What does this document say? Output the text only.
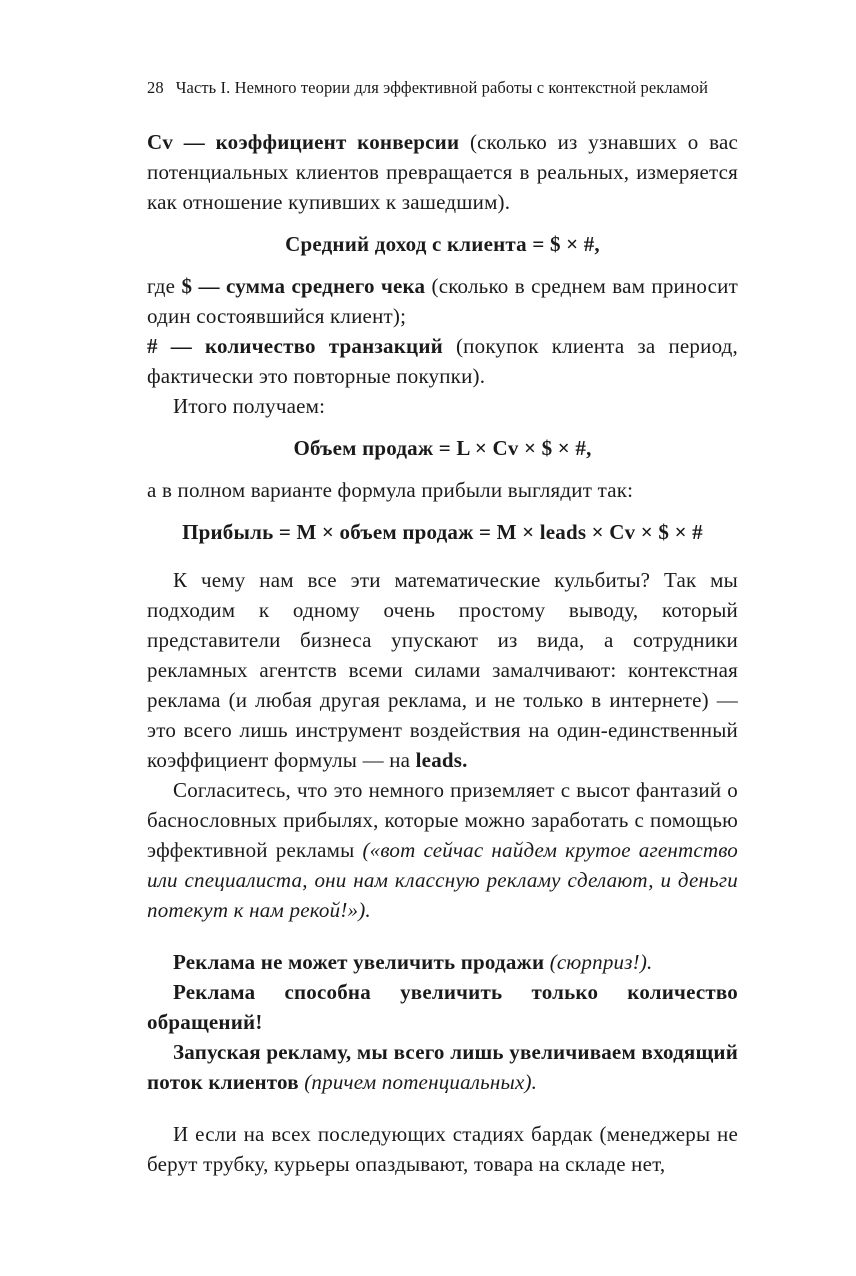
28 Часть I. Немного теории для эффективной работы с контекстной рекламой

Cv — коэффициент конверсии (сколько из узнавших о вас потенциальных клиентов превращается в реальных, измеряется как отношение купивших к зашедшим).

Средний доход с клиента = $ × #,

где $ — сумма среднего чека (сколько в среднем вам приносит один состоявшийся клиент);

# — количество транзакций (покупок клиента за период, фактически это повторные покупки).

Итого получаем:

Объем продаж = L × Cv × $ × #,

а в полном варианте формула прибыли выглядит так:

Прибыль = М × объем продаж = М × leads × Cv × $ × #

К чему нам все эти математические кульбиты? Так мы подходим к одному очень простому выводу, который представители бизнеса упускают из вида, а сотрудники рекламных агентств всеми силами замалчивают: контекстная реклама (и любая другая реклама, и не только в интернете) — это всего лишь инструмент воздействия на один-единственный коэффициент формулы — на leads.

Согласитесь, что это немного приземляет с высот фантазий о баснословных прибылях, которые можно заработать с помощью эффективной рекламы («вот сейчас найдем крутое агентство или специалиста, они нам классную рекламу сделают, и деньги потекут к нам рекой!»).

Реклама не может увеличить продажи (сюрприз!).

Реклама способна увеличить только количество обращений!

Запуская рекламу, мы всего лишь увеличиваем входящий поток клиентов (причем потенциальных).

И если на всех последующих стадиях бардак (менеджеры не берут трубку, курьеры опаздывают, товара на складе нет,
